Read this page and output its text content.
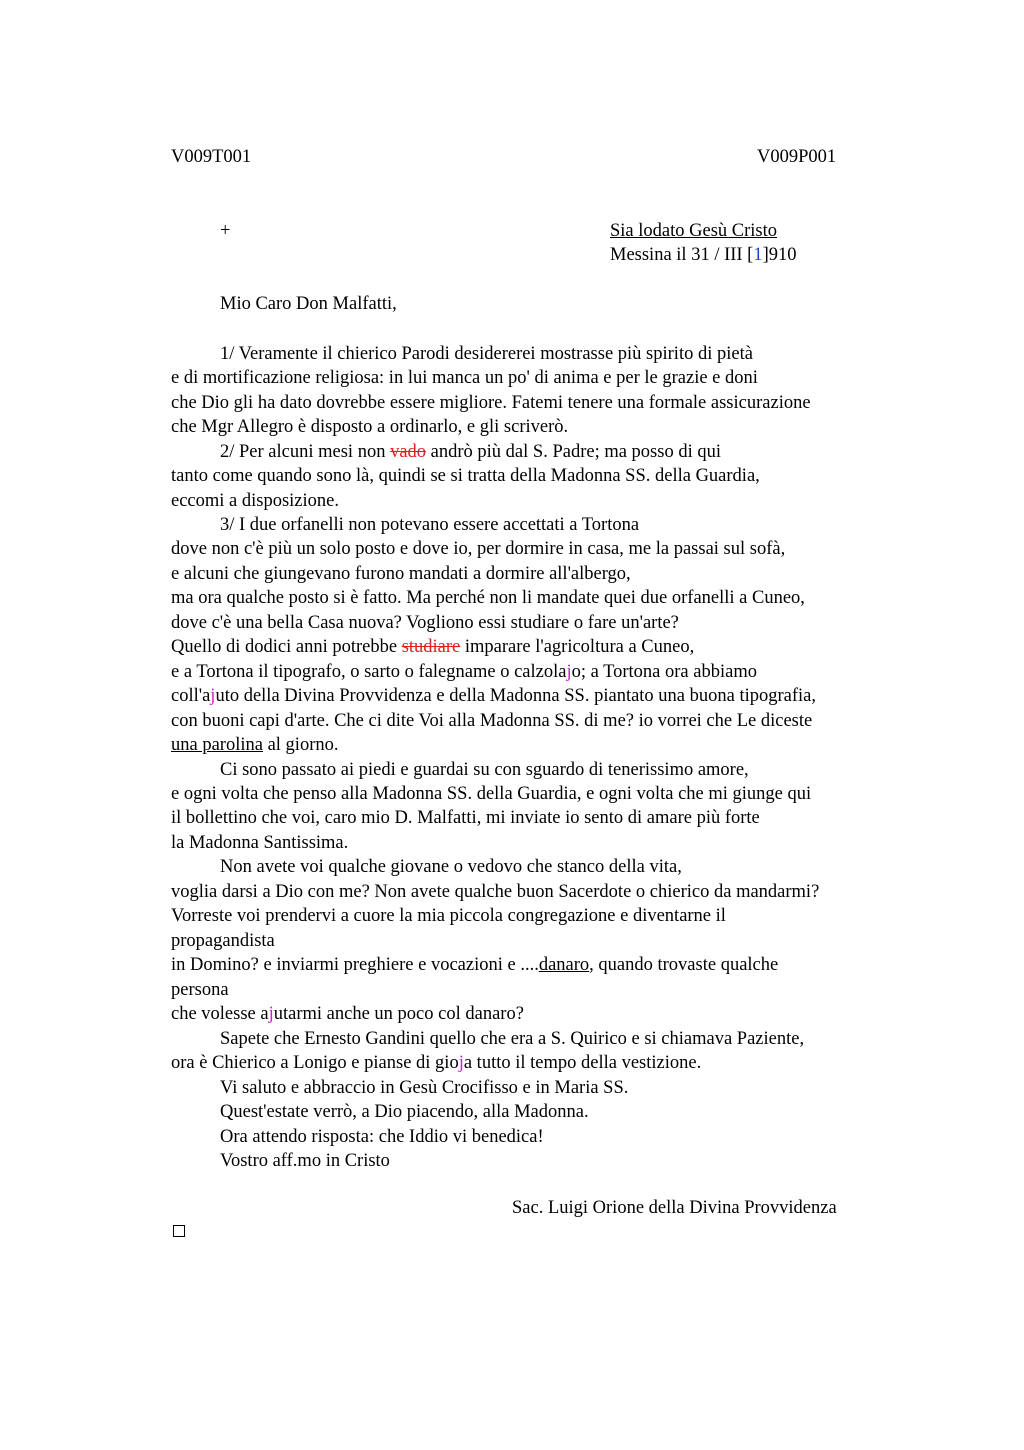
V009T001	V009P001
+	Sia lodato Gesù Cristo
Messina il 31 / III [1]910
Mio Caro Don Malfatti,
1/ Veramente il chierico Parodi desidererei mostrasse più spirito di pietà
e di mortificazione religiosa: in lui manca un po' di anima e per le grazie e doni
che Dio gli ha dato dovrebbe essere migliore. Fatemi tenere una formale assicurazione
che Mgr Allegro è disposto a ordinarlo, e gli scriverò.
2/ Per alcuni mesi non vado andrò più dal S. Padre; ma posso di qui
tanto come quando sono là, quindi se si tratta della Madonna SS. della Guardia,
eccomi a disposizione.
3/ I due orfanelli non potevano essere accettati a Tortona
dove non c'è più un solo posto e dove io, per dormire in casa, me la passai sul sofà,
e alcuni che giungevano furono mandati a dormire all'albergo,
ma ora qualche posto si è fatto. Ma perché non li mandate quei due orfanelli a Cuneo,
dove c'è una bella Casa nuova? Vogliono essi studiare o fare un'arte?
Quello di dodici anni potrebbe studiare imparare l'agricoltura a Cuneo,
e a Tortona il tipografo, o sarto o falegname o calzolajo; a Tortona ora abbiamo
coll'ajuto della Divina Provvidenza e della Madonna SS. piantato una buona tipografia,
con buoni capi d'arte. Che ci dite Voi alla Madonna SS. di me? io vorrei che Le diceste
una parolina al giorno.
Ci sono passato ai piedi e guardai su con sguardo di tenerissimo amore,
e ogni volta che penso alla Madonna SS. della Guardia, e ogni volta che mi giunge qui
il bollettino che voi, caro mio D. Malfatti, mi inviate io sento di amare più forte
la Madonna Santissima.
Non avete voi qualche giovane o vedovo che stanco della vita,
voglia darsi a Dio con me? Non avete qualche buon Sacerdote o chierico da mandarmi?
Vorreste voi prendervi a cuore la mia piccola congregazione e diventarne il
propagandista
in Domino? e inviarmi preghiere e vocazioni e ....danaro, quando trovaste qualche
persona
che volesse ajutarmi anche un poco col danaro?
Sapete che Ernesto Gandini quello che era a S. Quirico e si chiamava Paziente,
ora è Chierico a Lonigo e pianse di gioja tutto il tempo della vestizione.
Vi saluto e abbraccio in Gesù Crocifisso e in Maria SS.
Quest'estate verrò, a Dio piacendo, alla Madonna.
Ora attendo risposta: che Iddio vi benedica!
Vostro aff.mo in Cristo
Sac. Luigi Orione della Divina Provvidenza
